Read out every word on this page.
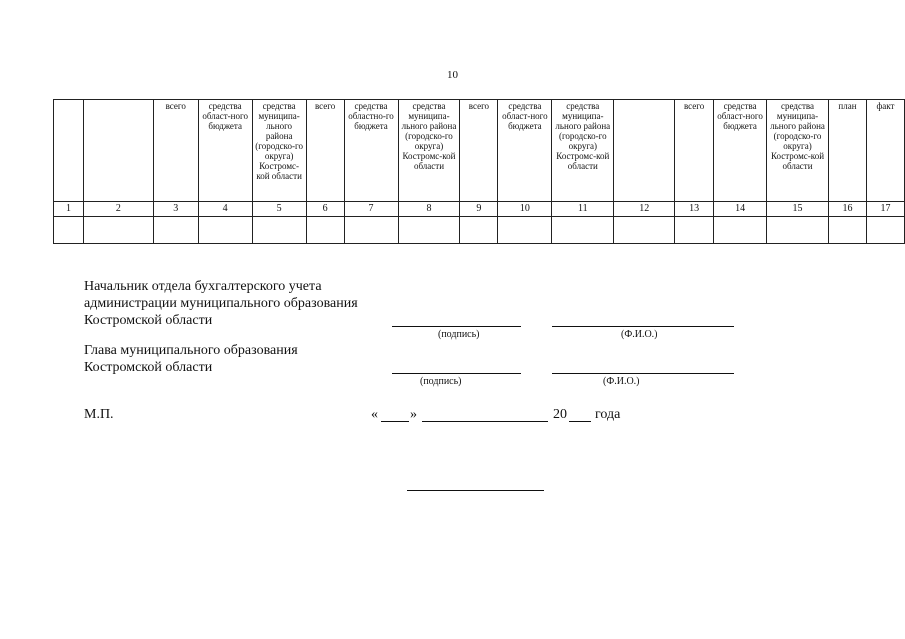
10
		всего	средства област-ного бюджета	средства муниципа-льного района (городско-го округа) Костромс-кой области	всего	средства областно-го бюджета	средства муниципа-льного района (городско-го округа) Костромс-кой области	всего	средства област-ного бюджета	средства муниципа-льного района (городско-го округа) Костромс-кой области		всего	средства област-ного бюджета	средства муниципа-льного района (городско-го округа) Костромс-кой области	план	факт
1	2	3	4	5	6	7	8	9	10	11	12	13	14	15	16	17

Начальник отдела бухгалтерского учета
администрации муниципального образования
Костромской области
(подпись)	(Ф.И.О.)
Глава муниципального образования
Костромской области
(подпись)	(Ф.И.О.)
М.П.	« »	20 года
